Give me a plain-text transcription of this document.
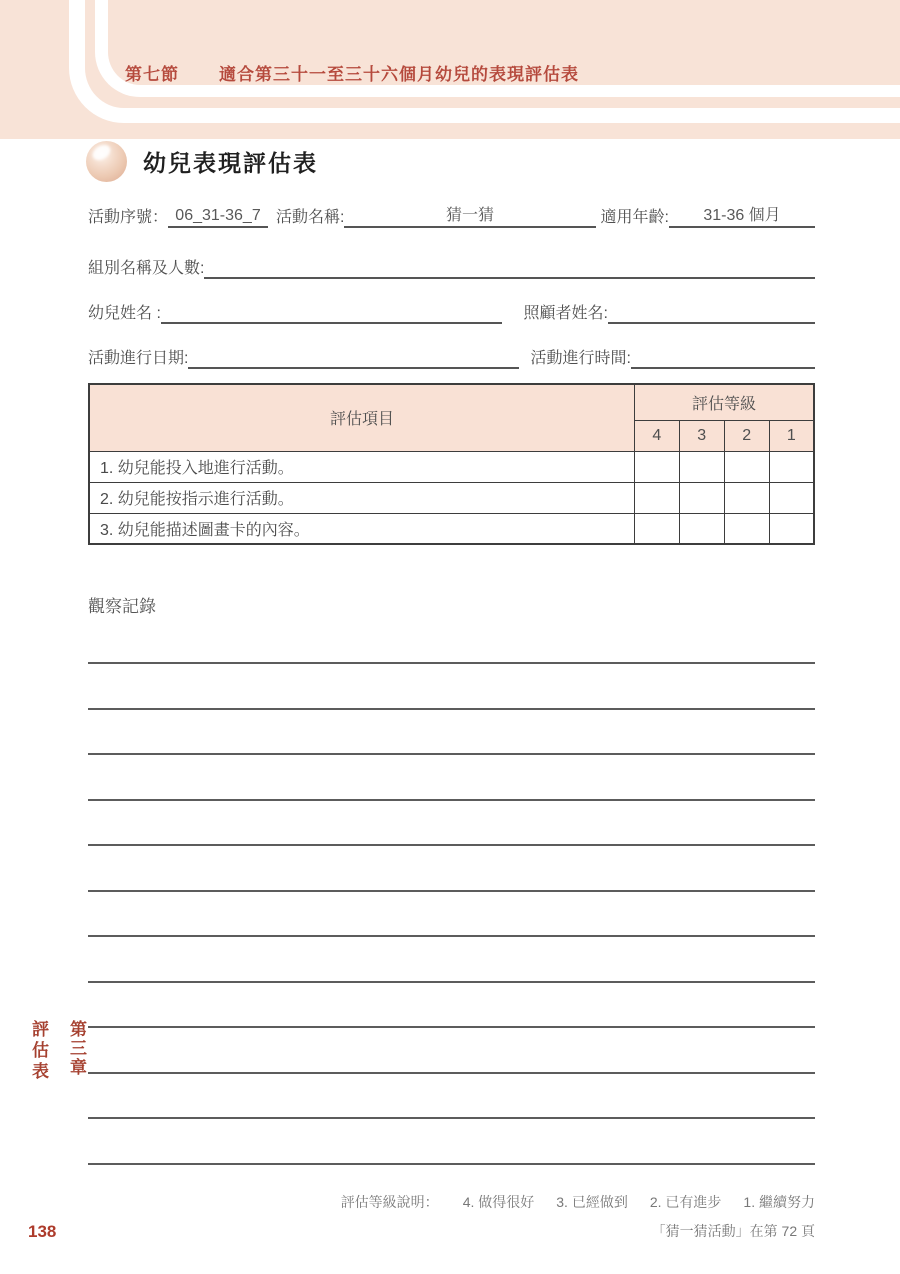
第七節 適合第三十一至三十六個月幼兒的表現評估表
幼兒表現評估表
活動序號： 06_31-36_7 活動名稱:	猜一猜	適用年齡:	31-36 個月
組別名稱及人數:
幼兒姓名 :	照顧者姓名:
活動進行日期:	活動進行時間:
評估項目	評估等級			
	4	3	2	1
1. 幼兒能投入地進行活動。				
2. 幼兒能按指示進行活動。				
3. 幼兒能描述圖畫卡的內容。				
觀察記錄
第三章
評估表
評估等級說明： 4. 做得很好 3. 已經做到 2. 已有進步 1. 繼續努力
「猜一猜活動」在第 72 頁
138
